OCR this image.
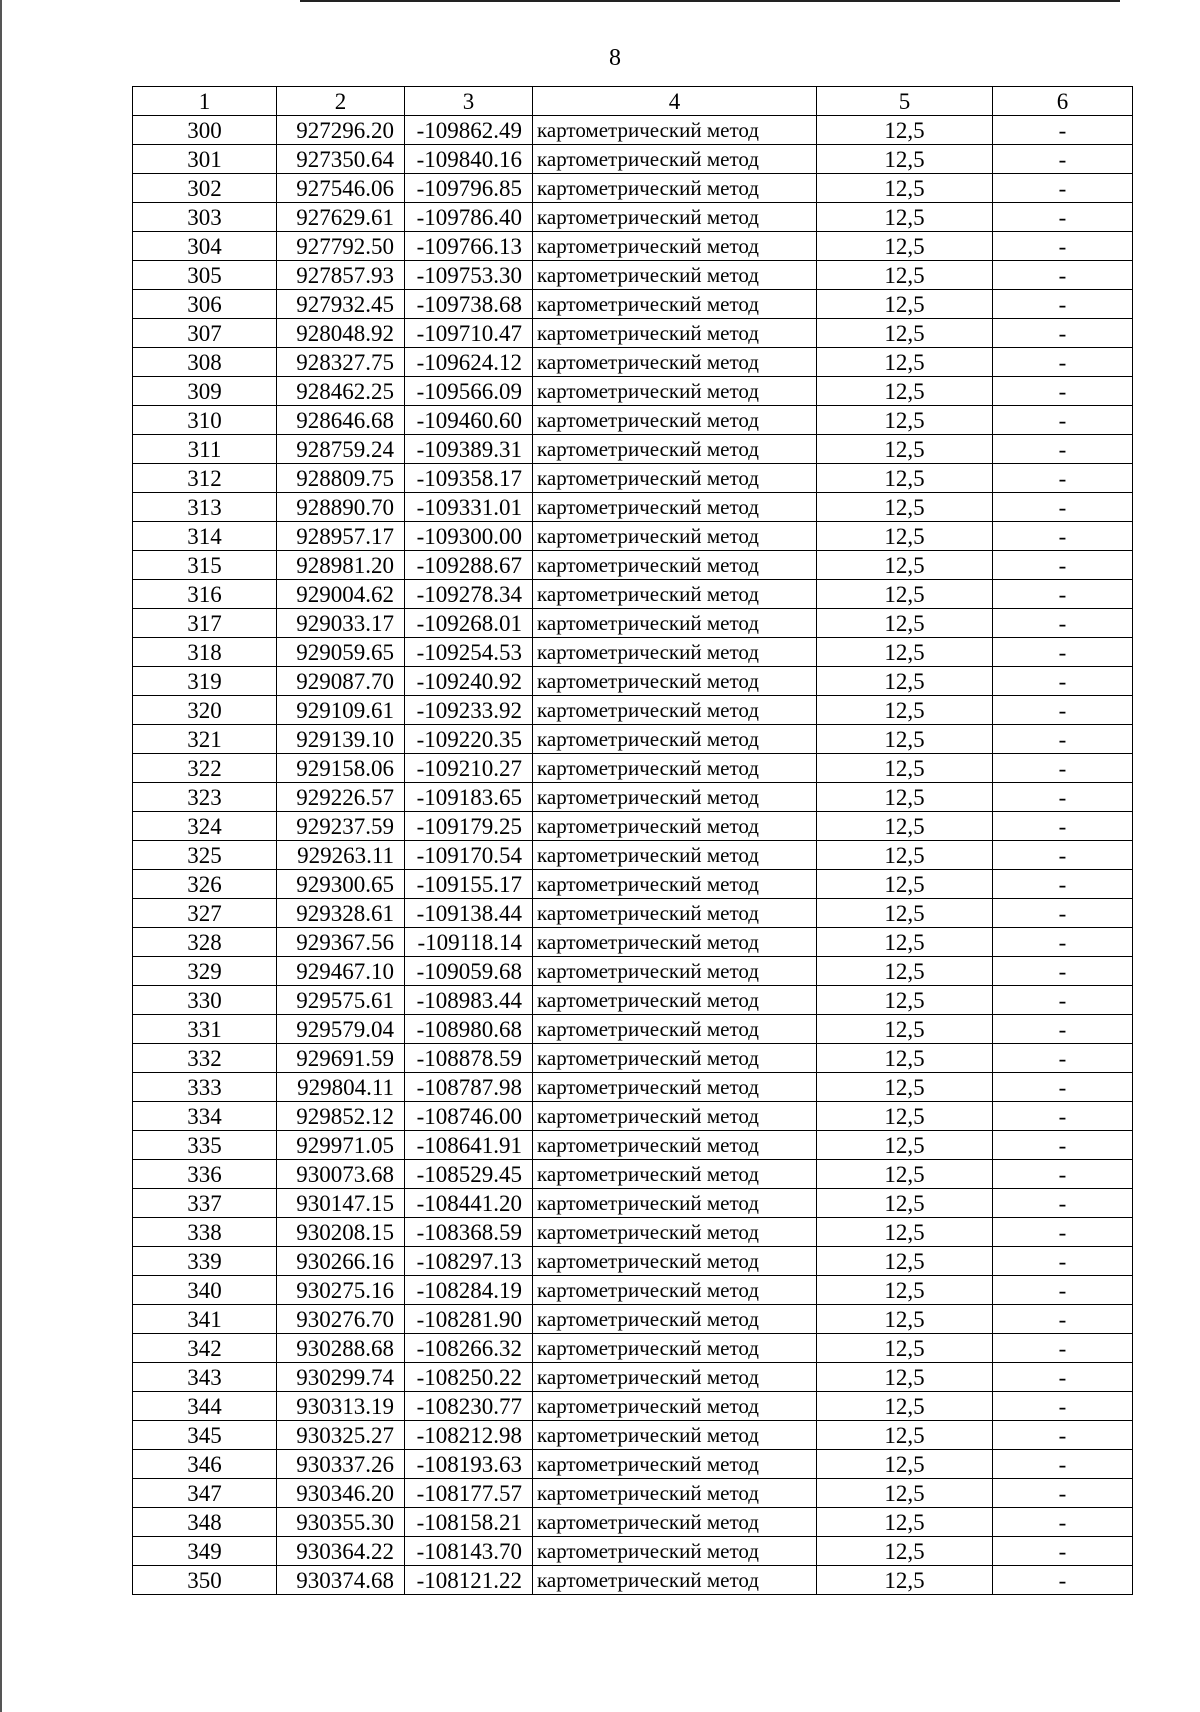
8
1	2	3	4	5	6
300	927296.20	-109862.49	картометрический метод	12,5	-
301	927350.64	-109840.16	картометрический метод	12,5	-
302	927546.06	-109796.85	картометрический метод	12,5	-
303	927629.61	-109786.40	картометрический метод	12,5	-
304	927792.50	-109766.13	картометрический метод	12,5	-
305	927857.93	-109753.30	картометрический метод	12,5	-
306	927932.45	-109738.68	картометрический метод	12,5	-
307	928048.92	-109710.47	картометрический метод	12,5	-
308	928327.75	-109624.12	картометрический метод	12,5	-
309	928462.25	-109566.09	картометрический метод	12,5	-
310	928646.68	-109460.60	картометрический метод	12,5	-
311	928759.24	-109389.31	картометрический метод	12,5	-
312	928809.75	-109358.17	картометрический метод	12,5	-
313	928890.70	-109331.01	картометрический метод	12,5	-
314	928957.17	-109300.00	картометрический метод	12,5	-
315	928981.20	-109288.67	картометрический метод	12,5	-
316	929004.62	-109278.34	картометрический метод	12,5	-
317	929033.17	-109268.01	картометрический метод	12,5	-
318	929059.65	-109254.53	картометрический метод	12,5	-
319	929087.70	-109240.92	картометрический метод	12,5	-
320	929109.61	-109233.92	картометрический метод	12,5	-
321	929139.10	-109220.35	картометрический метод	12,5	-
322	929158.06	-109210.27	картометрический метод	12,5	-
323	929226.57	-109183.65	картометрический метод	12,5	-
324	929237.59	-109179.25	картометрический метод	12,5	-
325	929263.11	-109170.54	картометрический метод	12,5	-
326	929300.65	-109155.17	картометрический метод	12,5	-
327	929328.61	-109138.44	картометрический метод	12,5	-
328	929367.56	-109118.14	картометрический метод	12,5	-
329	929467.10	-109059.68	картометрический метод	12,5	-
330	929575.61	-108983.44	картометрический метод	12,5	-
331	929579.04	-108980.68	картометрический метод	12,5	-
332	929691.59	-108878.59	картометрический метод	12,5	-
333	929804.11	-108787.98	картометрический метод	12,5	-
334	929852.12	-108746.00	картометрический метод	12,5	-
335	929971.05	-108641.91	картометрический метод	12,5	-
336	930073.68	-108529.45	картометрический метод	12,5	-
337	930147.15	-108441.20	картометрический метод	12,5	-
338	930208.15	-108368.59	картометрический метод	12,5	-
339	930266.16	-108297.13	картометрический метод	12,5	-
340	930275.16	-108284.19	картометрический метод	12,5	-
341	930276.70	-108281.90	картометрический метод	12,5	-
342	930288.68	-108266.32	картометрический метод	12,5	-
343	930299.74	-108250.22	картометрический метод	12,5	-
344	930313.19	-108230.77	картометрический метод	12,5	-
345	930325.27	-108212.98	картометрический метод	12,5	-
346	930337.26	-108193.63	картометрический метод	12,5	-
347	930346.20	-108177.57	картометрический метод	12,5	-
348	930355.30	-108158.21	картометрический метод	12,5	-
349	930364.22	-108143.70	картометрический метод	12,5	-
350	930374.68	-108121.22	картометрический метод	12,5	-
